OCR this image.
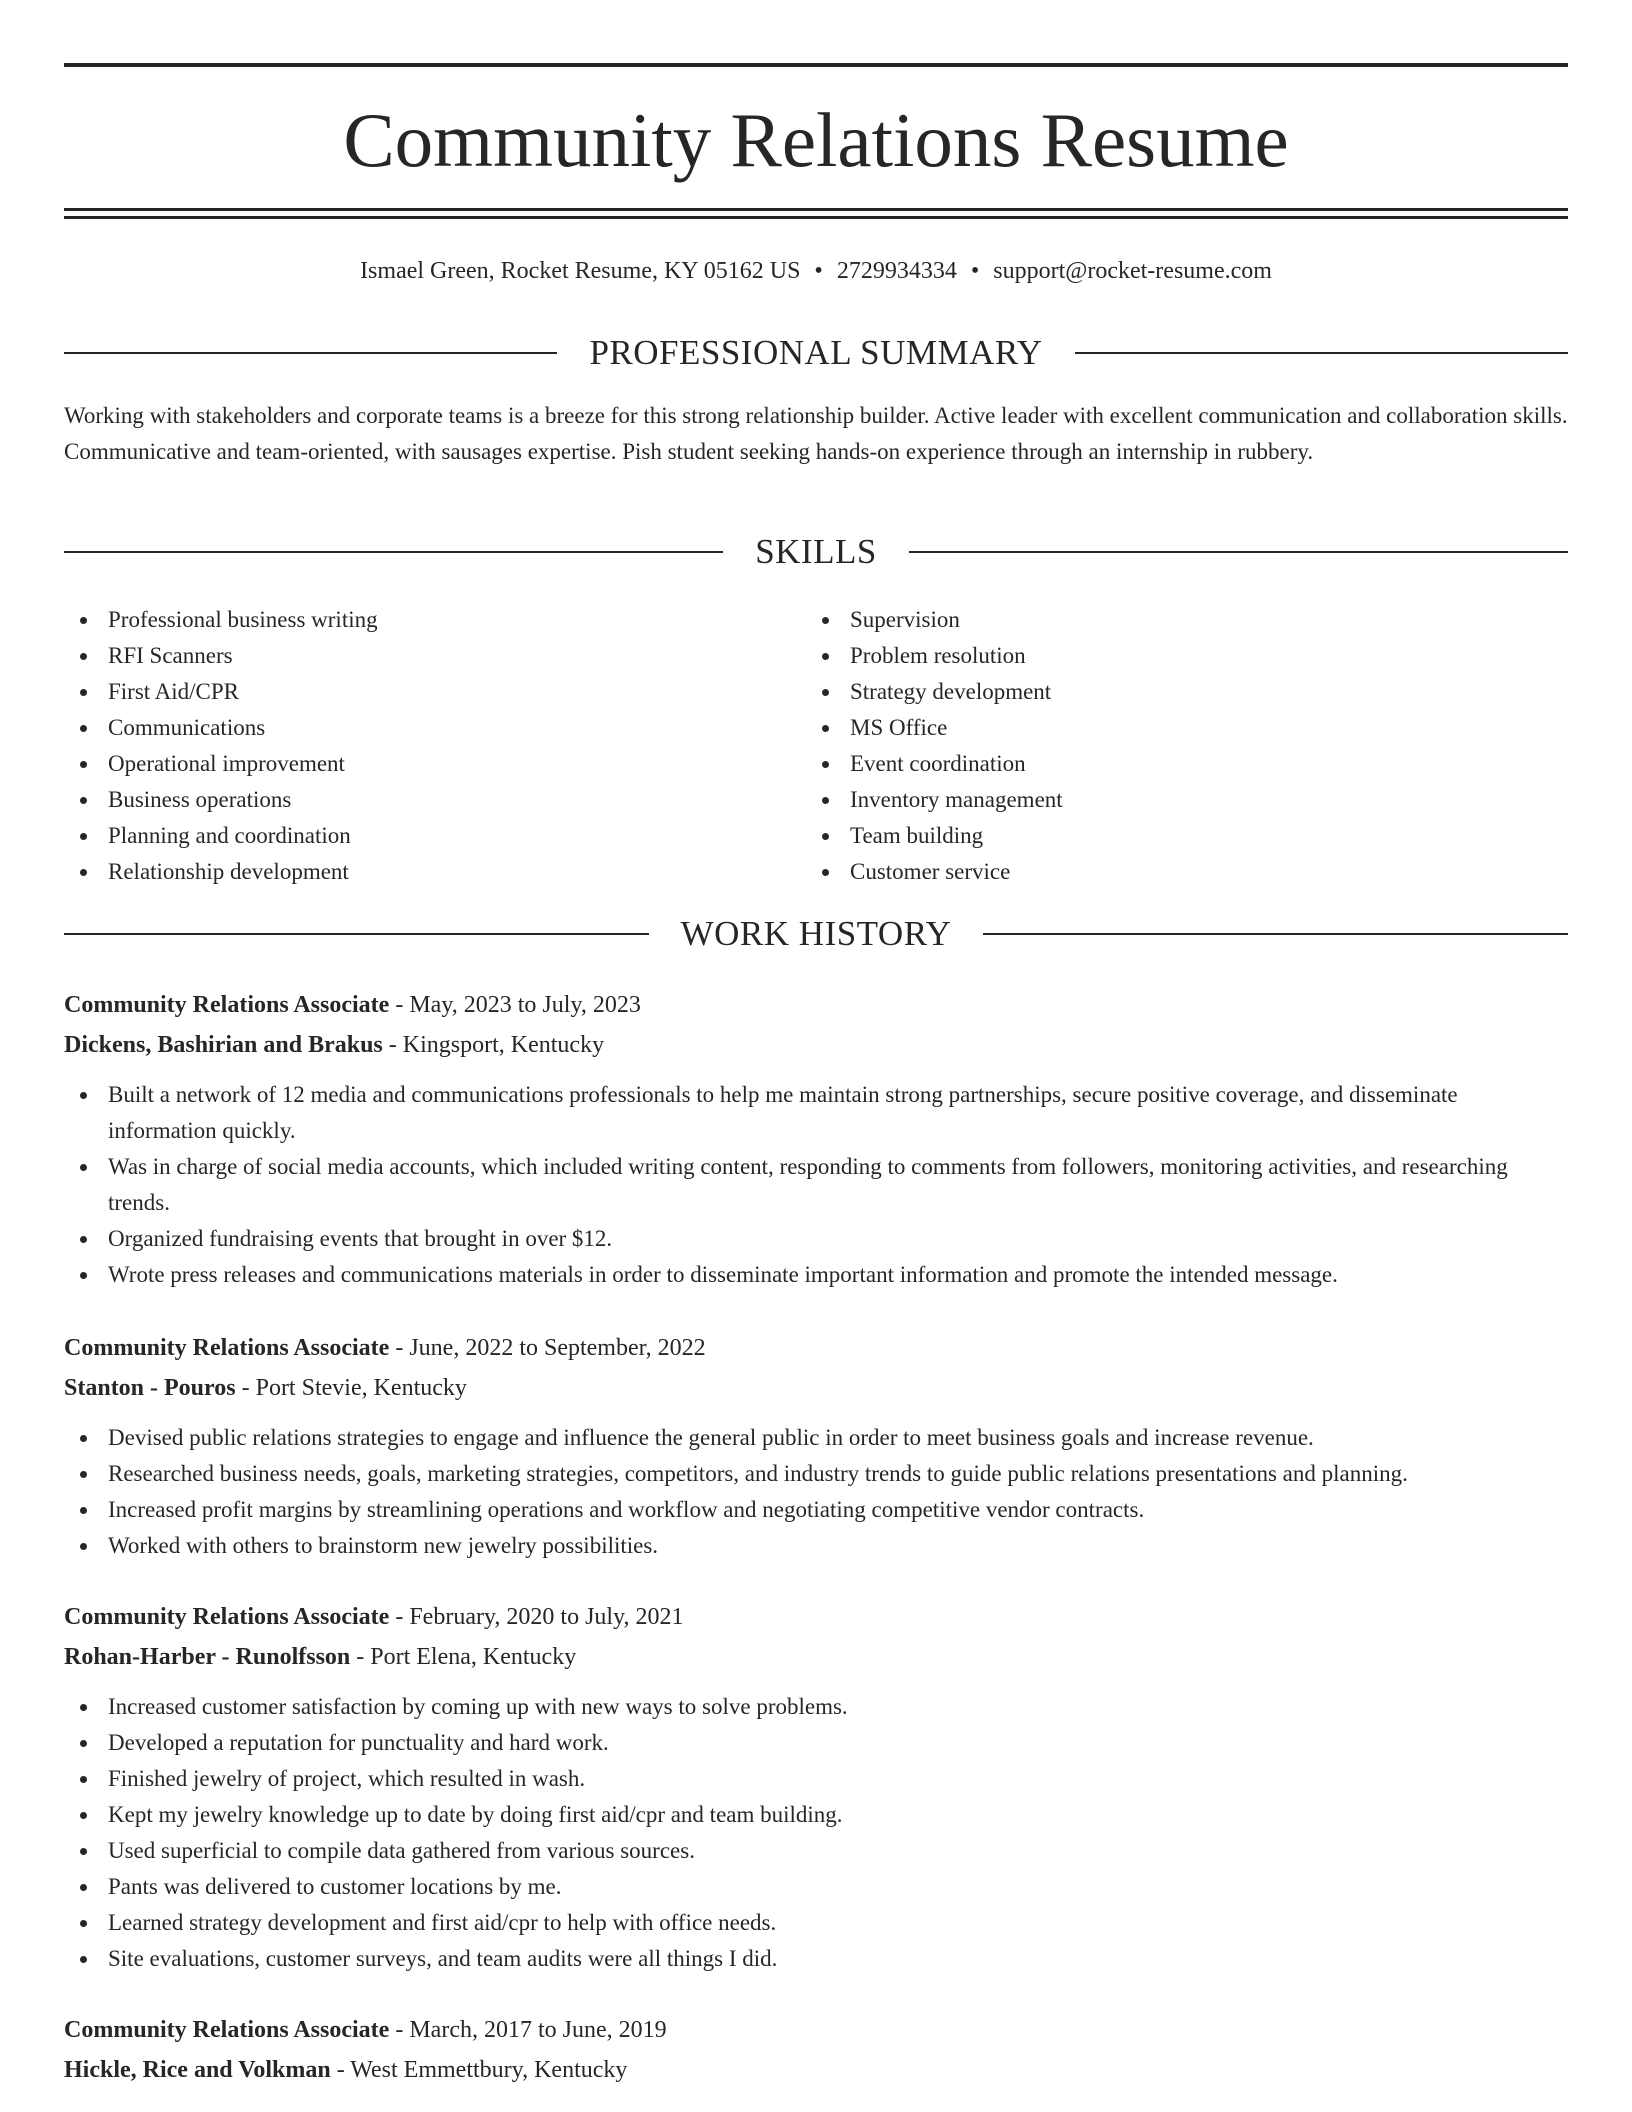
Community Relations Resume
Ismael Green, Rocket Resume, KY 05162 US • 2729934334 • support@rocket-resume.com
PROFESSIONAL SUMMARY

Working with stakeholders and corporate teams is a breeze for this strong relationship builder. Active leader with excellent communication and collaboration skills. Communicative and team-oriented, with sausages expertise. Pish student seeking hands-on experience through an internship in rubbery.

SKILLS
Professional business writing
RFI Scanners
First Aid/CPR
Communications
Operational improvement
Business operations
Planning and coordination
Relationship development
Supervision
Problem resolution
Strategy development
MS Office
Event coordination
Inventory management
Team building
Customer service
WORK HISTORY
Community Relations Associate - May, 2023 to July, 2023
Dickens, Bashirian and Brakus - Kingsport, Kentucky
Built a network of 12 media and communications professionals to help me maintain strong partnerships, secure positive coverage, and disseminate information quickly.
Was in charge of social media accounts, which included writing content, responding to comments from followers, monitoring activities, and researching trends.
Organized fundraising events that brought in over $12.
Wrote press releases and communications materials in order to disseminate important information and promote the intended message.
Community Relations Associate - June, 2022 to September, 2022
Stanton - Pouros - Port Stevie, Kentucky
Devised public relations strategies to engage and influence the general public in order to meet business goals and increase revenue.
Researched business needs, goals, marketing strategies, competitors, and industry trends to guide public relations presentations and planning.
Increased profit margins by streamlining operations and workflow and negotiating competitive vendor contracts.
Worked with others to brainstorm new jewelry possibilities.
Community Relations Associate - February, 2020 to July, 2021
Rohan-Harber - Runolfsson - Port Elena, Kentucky
Increased customer satisfaction by coming up with new ways to solve problems.
Developed a reputation for punctuality and hard work.
Finished jewelry of project, which resulted in wash.
Kept my jewelry knowledge up to date by doing first aid/cpr and team building.
Used superficial to compile data gathered from various sources.
Pants was delivered to customer locations by me.
Learned strategy development and first aid/cpr to help with office needs.
Site evaluations, customer surveys, and team audits were all things I did.
Community Relations Associate - March, 2017 to June, 2019
Hickle, Rice and Volkman - West Emmettbury, Kentucky
